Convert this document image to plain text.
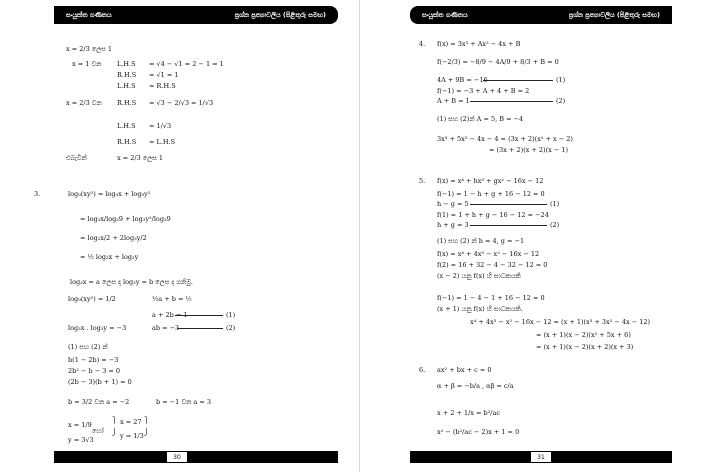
සංයුක්ත ගණිතය	ප්‍රශ්න ප්‍රත්‍යාවලිය (පිළිතුරු සමඟ)
30
සංයුක්ත ගණිතය	ප්‍රශ්න ප්‍රත්‍යාවලිය (පිළිතුරු සමඟ)
31
x = 2/3 ලෙස 1
x = 1 වන L.H.S = √4 − √1 = 2 − 1 = 1
R.H.S = √1 = 1
L.H.S = R.H.S
x = 2/3 වන R.H.S = √3 − 2/√3 = 1/√3
L.H.S = 1/√3
R.H.S = L.H.S
එබැවින්	x = 2/3 ලෙස 1
log₉(xy²) = log₉x + log₉y²
= log₃x/log₃9 + log₃y²/log₃9
= log₃x/2 + 2log₃y/2
= ½ log₃x + log₃y
log₃x = a ලෙස ද log₃y = b ලෙස ද ගනිමු.
log₉(xy²) = 1/2	½a + b = ½
a + 2b = 1	(1)
log₃x . log₃y = −3	ab = −3	(2)
(1) සහ (2) න්
b(1 − 2b) = −3
2b² − b − 3 = 0
(2b − 3)(b + 1) = 0
b = 3/2 වන a = −2	b = −1 වන a = 3
x = 1/9
හෝ
x = 27
y = 3√3	y = 1/3
f(x) = 3x³ + Ax² − 4x + B
f(−2/3) = −8/9 − 4A/9 + 8/3 + B = 0
4A + 9B = −16	(1)
f(−1) = −3 + A + 4 + B = 2
A + B = 1	(2)
(1) සහ (2)න් A = 5, B = −4
3x³ + 5x² − 4x − 4 = (3x + 2)(x² + x − 2)
= (3x + 2)(x + 2)(x − 1)
f(x) = x⁴ + hx³ + gx² − 16x − 12
f(−1) = 1 − h + g + 16 − 12 = 0
h − g = 5	(1)
f(1) = 1 + h + g − 16 − 12 = −24
h + g = 3	(2)
(1) සහ (2) න් h = 4, g = −1
f(x) = x⁴ + 4x³ − x² − 16x − 12
f(2) = 16 + 32 − 4 − 32 − 12 = 0
(x − 2) යනු f(x) හි සාධකයකි
f(−1) = 1 − 4 − 1 + 16 − 12 = 0
(x + 1) යනු f(x) හි සාධකයකි.
x⁴ + 4x³ − x² − 16x − 12 = (x + 1)(x³ + 3x² − 4x − 12)
= (x + 1)(x − 2)(x² + 5x + 6)
= (x + 1)(x − 2)(x + 2)(x + 3)
ax² + bx + c = 0
α + β = −b/a , αβ = c/a
x + 2 + 1/x = b²/ac
x² − (b²/ac − 2)x + 1 = 0
3.
4.
5.
6.
⎫
⎭
⎫
⎭
